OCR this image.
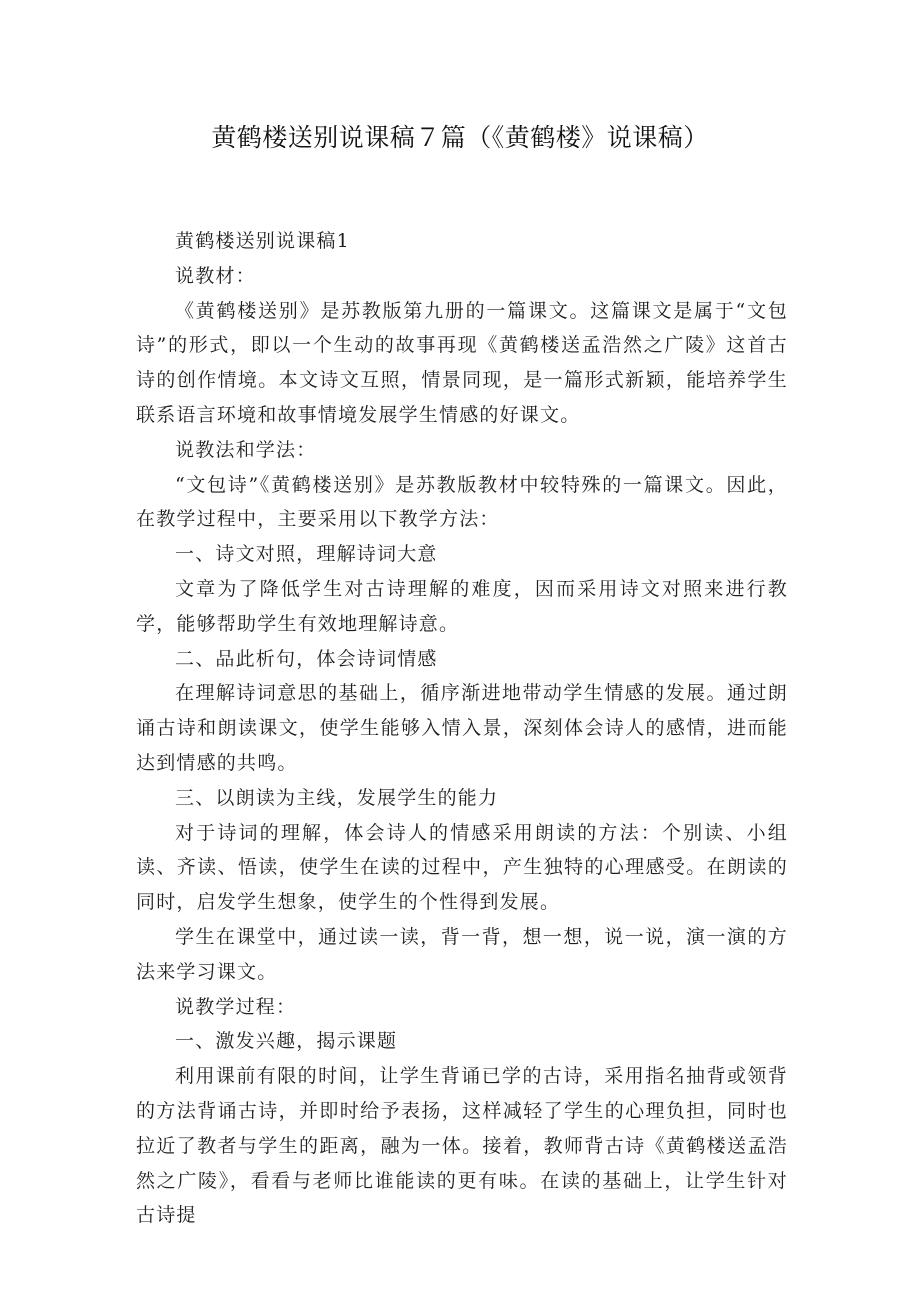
黄鹤楼送别说课稿７篇（《黄鹤楼》说课稿）

黄鹤楼送别说课稿1

说教材：

《黄鹤楼送别》是苏教版第九册的一篇课文。这篇课文是属于“文包诗”的形式，即以一个生动的故事再现《黄鹤楼送孟浩然之广陵》这首古诗的创作情境。本文诗文互照，情景同现，是一篇形式新颖，能培养学生联系语言环境和故事情境发展学生情感的好课文。

说教法和学法：

“文包诗”《黄鹤楼送别》是苏教版教材中较特殊的一篇课文。因此，在教学过程中，主要采用以下教学方法：

一、诗文对照，理解诗词大意

文章为了降低学生对古诗理解的难度，因而采用诗文对照来进行教学，能够帮助学生有效地理解诗意。

二、品此析句，体会诗词情感

在理解诗词意思的基础上，循序渐进地带动学生情感的发展。通过朗诵古诗和朗读课文，使学生能够入情入景，深刻体会诗人的感情，进而能达到情感的共鸣。

三、以朗读为主线，发展学生的能力

对于诗词的理解，体会诗人的情感采用朗读的方法：个别读、小组读、齐读、悟读，使学生在读的过程中，产生独特的心理感受。在朗读的同时，启发学生想象，使学生的个性得到发展。

学生在课堂中，通过读一读，背一背，想一想，说一说，演一演的方法来学习课文。

说教学过程：

一、激发兴趣，揭示课题

利用课前有限的时间，让学生背诵已学的古诗，采用指名抽背或领背的方法背诵古诗，并即时给予表扬，这样减轻了学生的心理负担，同时也拉近了教者与学生的距离，融为一体。接着，教师背古诗《黄鹤楼送孟浩然之广陵》，看看与老师比谁能读的更有味。在读的基础上，让学生针对古诗提
